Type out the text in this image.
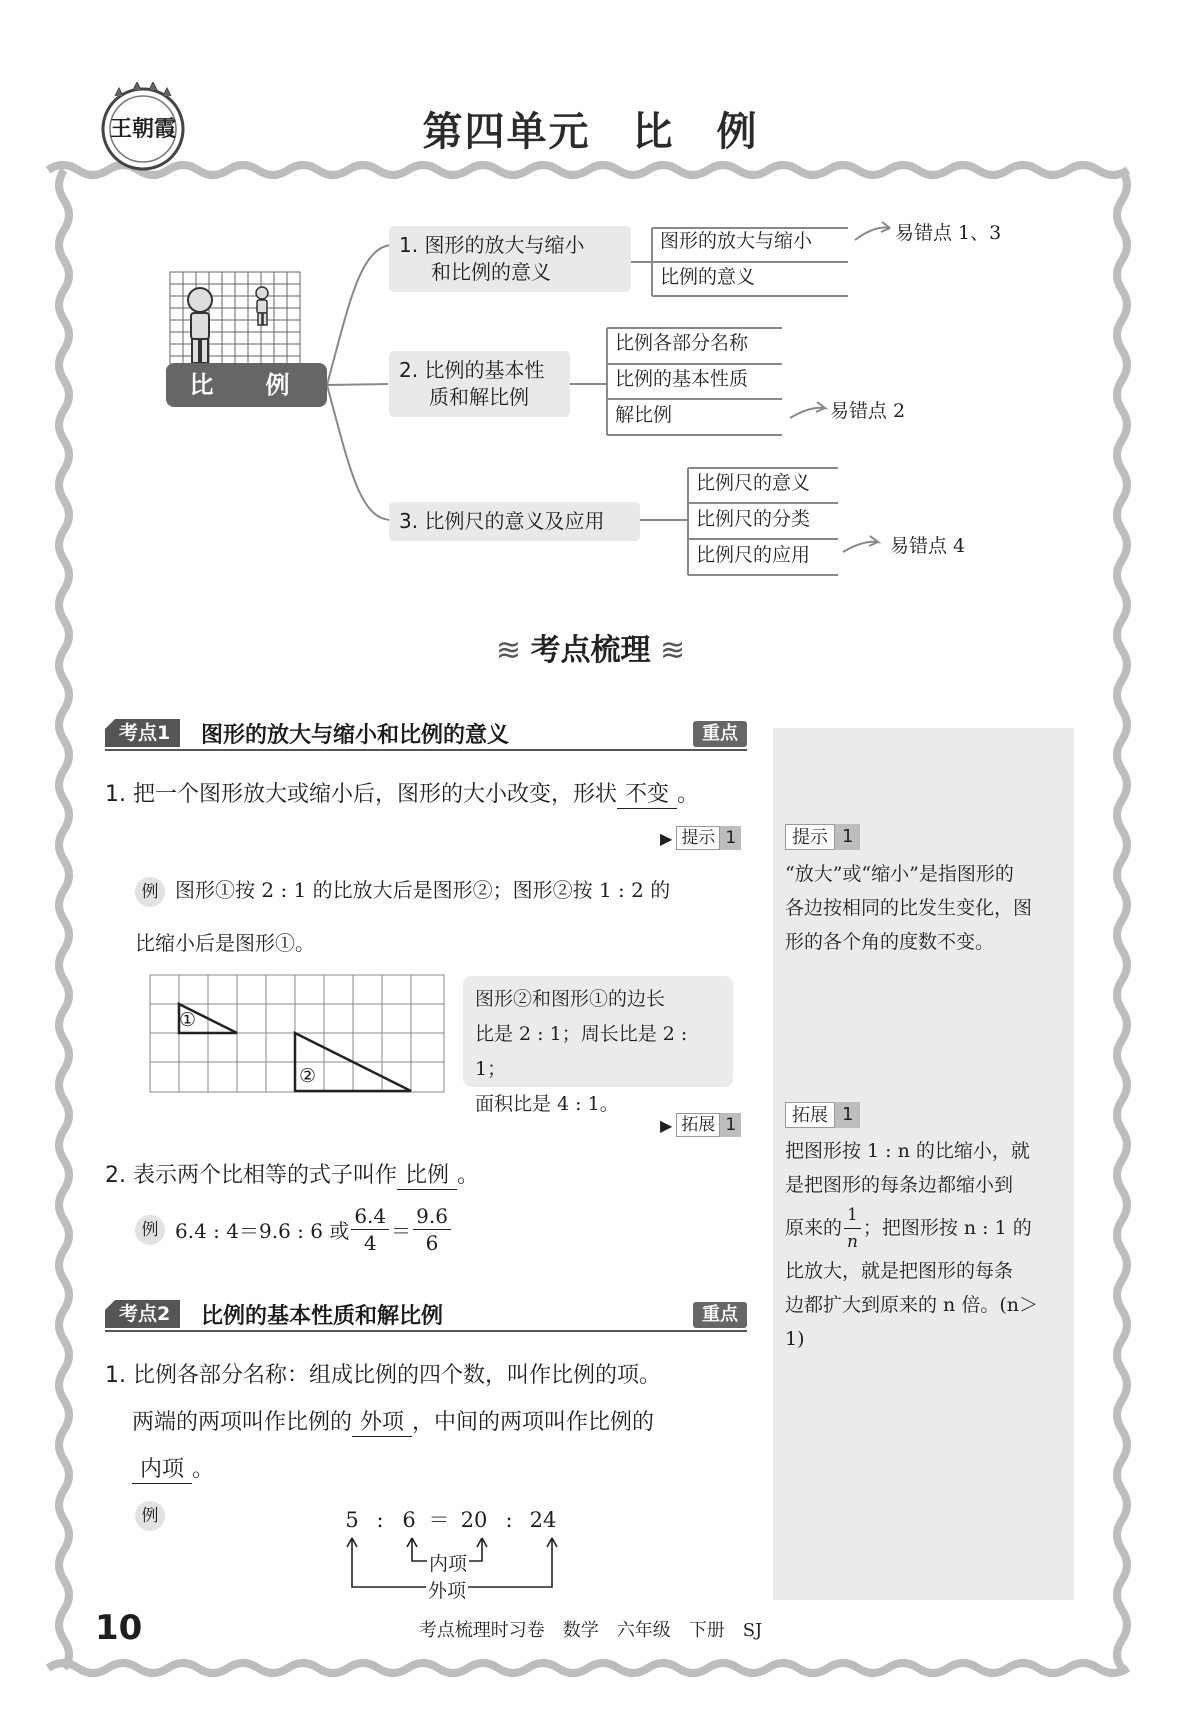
王朝霞	第四单元　比　例
比　例
1. 图形的放大与缩小
和比例的意义
2. 比例的基本性
质和解比例
3. 比例尺的意义及应用
图形的放大与缩小
比例的意义
比例各部分名称
比例的基本性质
解比例
比例尺的意义
比例尺的分类
比例尺的应用
易错点 1、3
易错点 2
易错点 4
≋ 考点梳理 ≋
提示 1
“放大”或“缩小”是指图形的
各边按相同的比发生变化，图
形的各个角的度数不变。
拓展 1
把图形按 1 : n 的比缩小，就
是把图形的每条边都缩小到
原来的 $\frac{1}{n}$ ；把图形按 n : 1 的
比放大，就是把图形的每条
边都扩大到原来的 n 倍。(n＞
1)
考点1	图形的放大与缩小和比例的意义	重点
1. 把一个图形放大或缩小后，图形的大小改变，形状 不变 。
▶ 提示 1
例 图形①按 2 : 1 的比放大后是图形②；图形②按 1 : 2 的
比缩小后是图形①。
①
②
图形②和图形①的边长
比是 2 : 1；周长比是 2 : 1；
面积比是 4 : 1。
▶ 拓展 1
2. 表示两个比相等的式子叫作 比例 。
例 6.4 : 4＝9.6 : 6 或 $\frac{6.4}{4} = \frac{9.6}{6}$
考点2	比例的基本性质和解比例	重点
1. 比例各部分名称：组成比例的四个数，叫作比例的项。
两端的两项叫作比例的 外项 ，中间的两项叫作比例的
内项 。
例	5 : 6 ＝ 20 : 24
内项
外项
10	考点梳理时习卷　数学　六年级　下册　SJ
